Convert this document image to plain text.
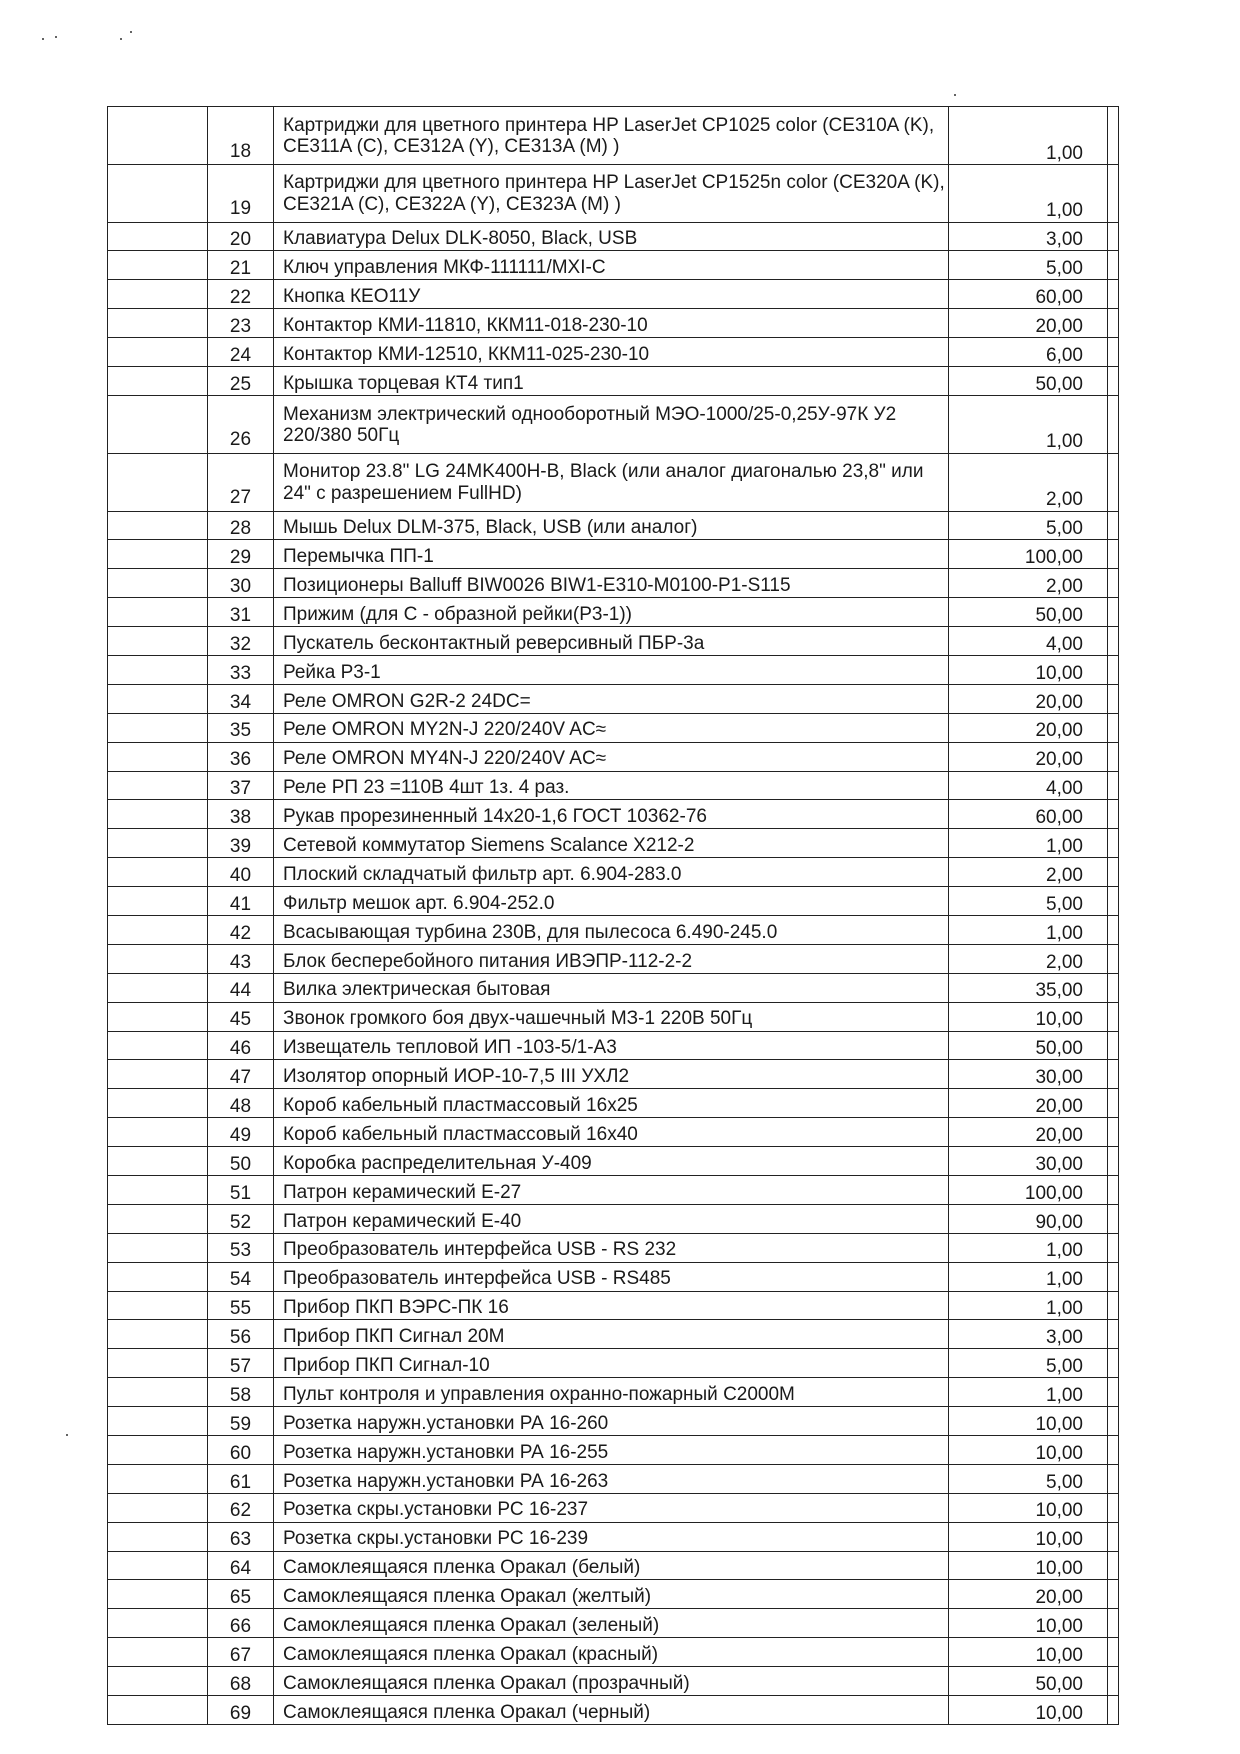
	18	Картриджи для цветного принтера HP LaserJet CP1025 color (CE310A (K), CE311A (C), CE312A (Y), CE313A (M) )	1,00	
	19	Картриджи для цветного принтера HP LaserJet CP1525n color (CE320A (K), CE321A (C), CE322A (Y), CE323A (M) )	1,00	
	20	Клавиатура Delux DLK-8050, Black, USB	3,00	
	21	Ключ управления МКФ-111111/MXI-C	5,00	
	22	Кнопка КЕО11У	60,00	
	23	Контактор КМИ-11810, ККМ11-018-230-10	20,00	
	24	Контактор КМИ-12510, ККМ11-025-230-10	6,00	
	25	Крышка торцевая КТ4 тип1	50,00	
	26	Механизм электрический однооборотный МЭО-1000/25-0,25У-97К У2 220/380 50Гц	1,00	
	27	Монитор 23.8" LG 24MK400H-B, Black (или аналог диагональю 23,8" или 24" с разрешением FullHD)	2,00	
	28	Мышь Delux DLM-375, Black, USB (или аналог)	5,00	
	29	Перемычка ПП-1	100,00	
	30	Позиционеры Balluff BIW0026 BIW1-E310-M0100-P1-S115	2,00	
	31	Прижим (для С - образной рейки(Р3-1))	50,00	
	32	Пускатель бесконтактный реверсивный ПБР-3а	4,00	
	33	Рейка Р3-1	10,00	
	34	Реле OMRON G2R-2 24DC=	20,00	
	35	Реле OMRON MY2N-J 220/240V AC≈	20,00	
	36	Реле OMRON MY4N-J 220/240V AC≈	20,00	
	37	Реле РП 23 =110В 4шт 1з. 4 раз.	4,00	
	38	Рукав прорезиненный 14х20-1,6 ГОСТ 10362-76	60,00	
	39	Сетевой коммутатор Siemens Scalance X212-2	1,00	
	40	Плоский складчатый фильтр арт. 6.904-283.0	2,00	
	41	Фильтр мешок арт. 6.904-252.0	5,00	
	42	Всасывающая турбина 230В, для пылесоса 6.490-245.0	1,00	
	43	Блок бесперебойного питания ИВЭПР-112-2-2	2,00	
	44	Вилка электрическая бытовая	35,00	
	45	Звонок громкого боя двух-чашечный МЗ-1 220В 50Гц	10,00	
	46	Извещатель тепловой ИП -103-5/1-А3	50,00	
	47	Изолятор опорный ИОР-10-7,5 III УХЛ2	30,00	
	48	Короб кабельный пластмассовый 16х25	20,00	
	49	Короб кабельный пластмассовый 16х40	20,00	
	50	Коробка распределительная У-409	30,00	
	51	Патрон керамический Е-27	100,00	
	52	Патрон керамический Е-40	90,00	
	53	Преобразователь интерфейса USB - RS 232	1,00	
	54	Преобразователь интерфейса USB - RS485	1,00	
	55	Прибор ПКП ВЭРС-ПК 16	1,00	
	56	Прибор ПКП Сигнал 20М	3,00	
	57	Прибор ПКП Сигнал-10	5,00	
	58	Пульт контроля и управления охранно-пожарный С2000М	1,00	
	59	Розетка наружн.установки РА 16-260	10,00	
	60	Розетка наружн.установки РА 16-255	10,00	
	61	Розетка наружн.установки РА 16-263	5,00	
	62	Розетка скры.установки РС 16-237	10,00	
	63	Розетка скры.установки РС 16-239	10,00	
	64	Самоклеящаяся пленка Оракал (белый)	10,00	
	65	Самоклеящаяся пленка Оракал (желтый)	20,00	
	66	Самоклеящаяся пленка Оракал (зеленый)	10,00	
	67	Самоклеящаяся пленка Оракал (красный)	10,00	
	68	Самоклеящаяся пленка Оракал (прозрачный)	50,00	
	69	Самоклеящаяся пленка Оракал (черный)	10,00	
